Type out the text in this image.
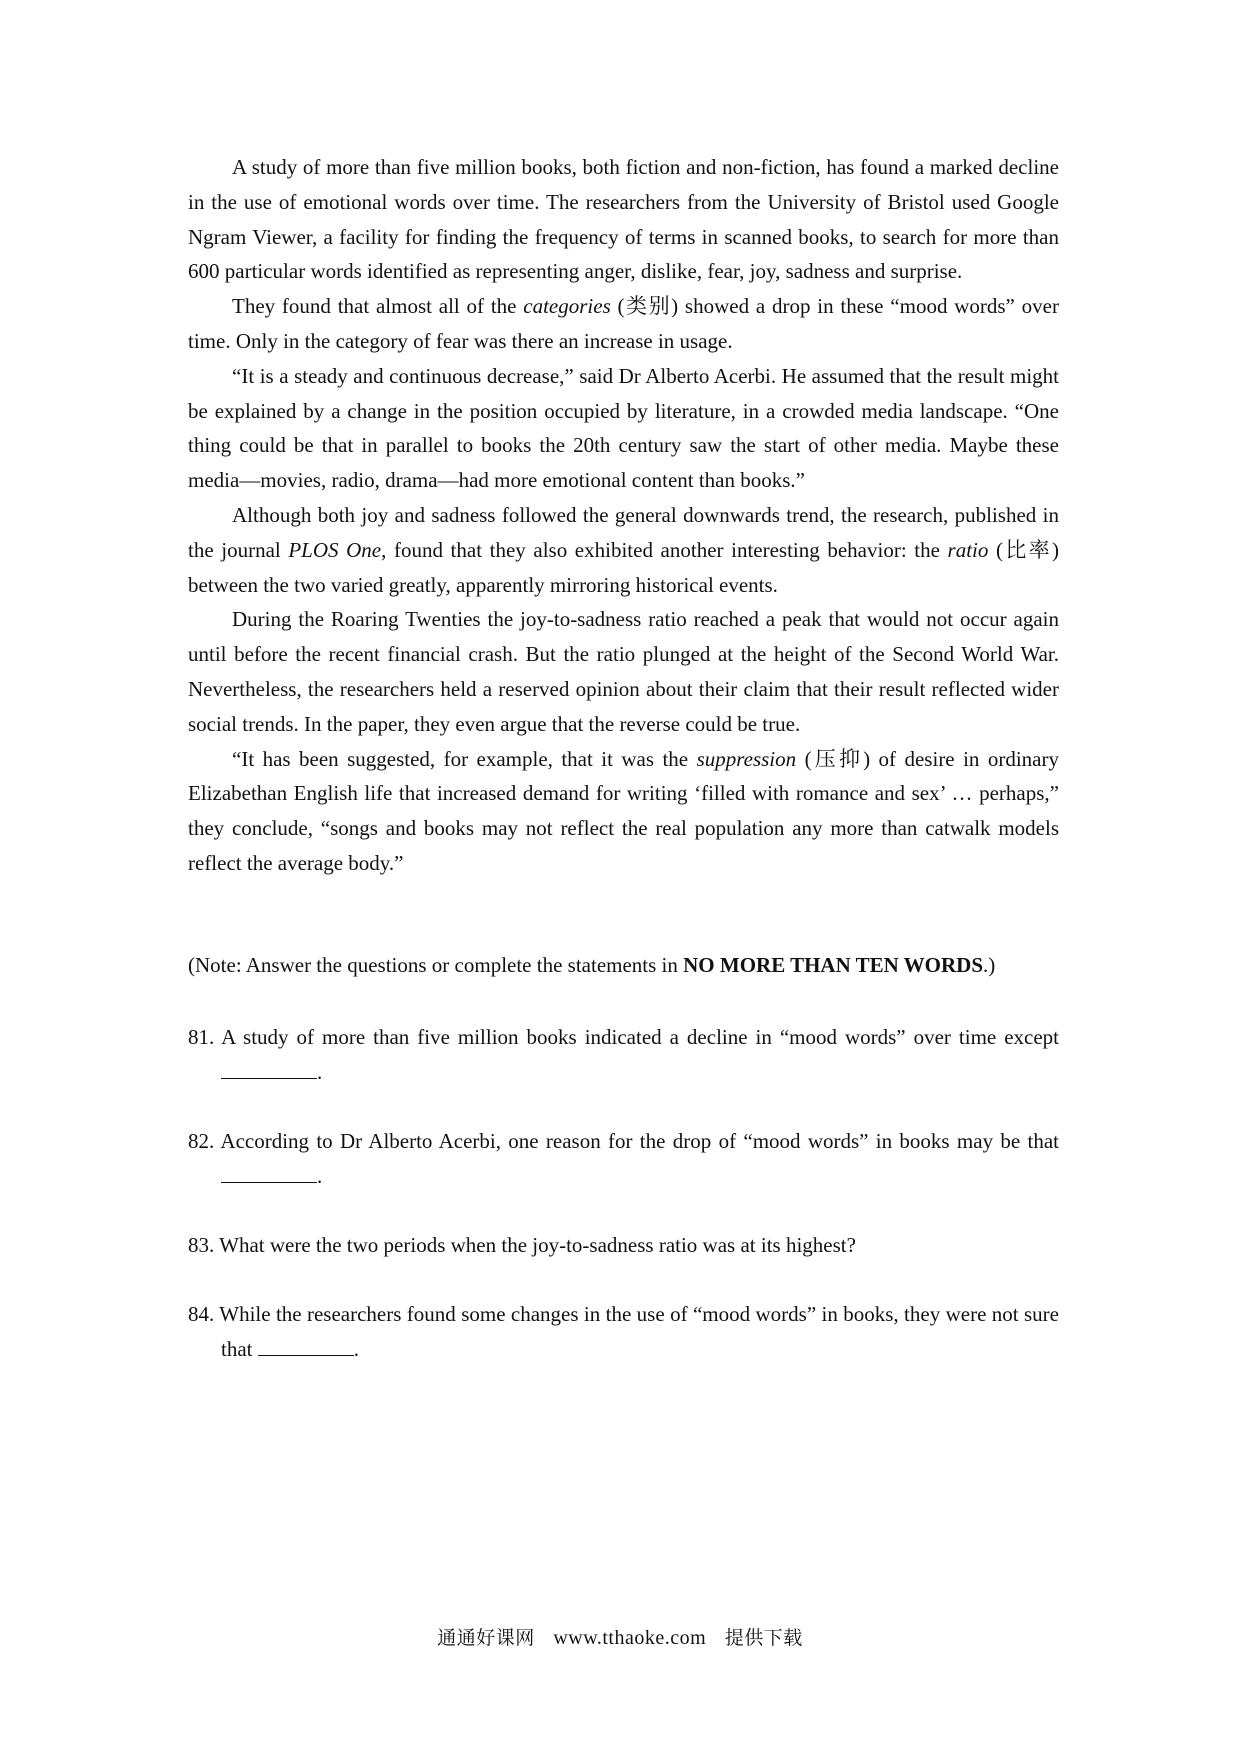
A study of more than five million books, both fiction and non-fiction, has found a marked decline in the use of emotional words over time. The researchers from the University of Bristol used Google Ngram Viewer, a facility for finding the frequency of terms in scanned books, to search for more than 600 particular words identified as representing anger, dislike, fear, joy, sadness and surprise.

They found that almost all of the categories (类别) showed a drop in these “mood words” over time. Only in the category of fear was there an increase in usage.

“It is a steady and continuous decrease,” said Dr Alberto Acerbi. He assumed that the result might be explained by a change in the position occupied by literature, in a crowded media landscape. “One thing could be that in parallel to books the 20th century saw the start of other media. Maybe these media—movies, radio, drama—had more emotional content than books.”

Although both joy and sadness followed the general downwards trend, the research, published in the journal PLOS One, found that they also exhibited another interesting behavior: the ratio (比率) between the two varied greatly, apparently mirroring historical events.

During the Roaring Twenties the joy-to-sadness ratio reached a peak that would not occur again until before the recent financial crash. But the ratio plunged at the height of the Second World War. Nevertheless, the researchers held a reserved opinion about their claim that their result reflected wider social trends. In the paper, they even argue that the reverse could be true.

“It has been suggested, for example, that it was the suppression (压抑) of desire in ordinary Elizabethan English life that increased demand for writing ‘filled with romance and sex’ … perhaps,” they conclude, “songs and books may not reflect the real population any more than catwalk models reflect the average body.”

(Note: Answer the questions or complete the statements in NO MORE THAN TEN WORDS.)

81. A study of more than five million books indicated a decline in “mood words” over time except .

82. According to Dr Alberto Acerbi, one reason for the drop of “mood words” in books may be that .

83. What were the two periods when the joy-to-sadness ratio was at its highest?

84. While the researchers found some changes in the use of “mood words” in books, they were not sure that	.

通通好课网 www.tthaoke.com 提供下载
